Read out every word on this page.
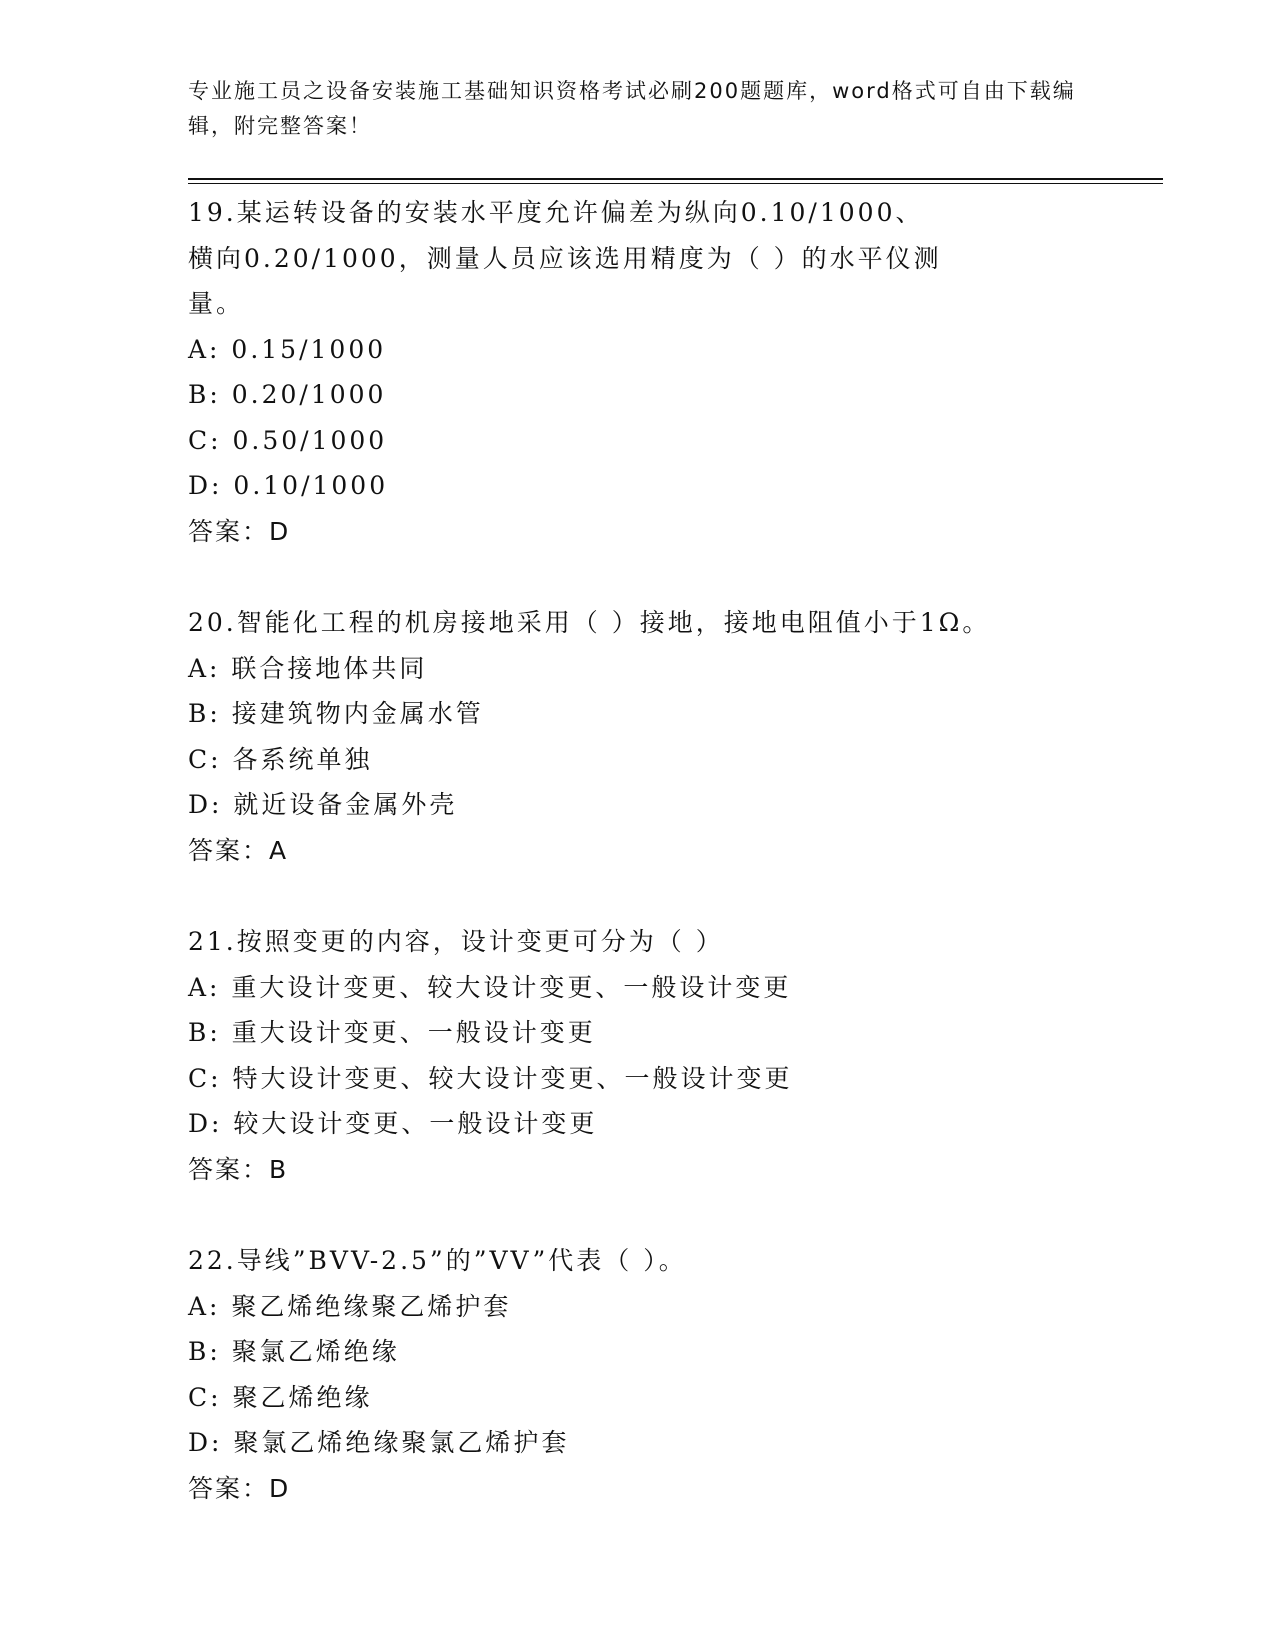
专业施工员之设备安装施工基础知识资格考试必刷200题题库，word格式可自由下载编辑，附完整答案！
19.某运转设备的安装水平度允许偏差为纵向0.10/1000、横向0.20/1000，测量人员应该选用精度为（ ）的水平仪测量。
A: 0.15/1000
B: 0.20/1000
C: 0.50/1000
D: 0.10/1000
答案：D
20.智能化工程的机房接地采用（ ）接地，接地电阻值小于1Ω。
A: 联合接地体共同
B: 接建筑物内金属水管
C: 各系统单独
D: 就近设备金属外壳
答案：A
21.按照变更的内容，设计变更可分为（ ）
A: 重大设计变更、较大设计变更、一般设计变更
B: 重大设计变更、一般设计变更
C: 特大设计变更、较大设计变更、一般设计变更
D: 较大设计变更、一般设计变更
答案：B
22.导线”BVV-2.5”的”VV”代表（ ）。
A: 聚乙烯绝缘聚乙烯护套
B: 聚氯乙烯绝缘
C: 聚乙烯绝缘
D: 聚氯乙烯绝缘聚氯乙烯护套
答案：D
